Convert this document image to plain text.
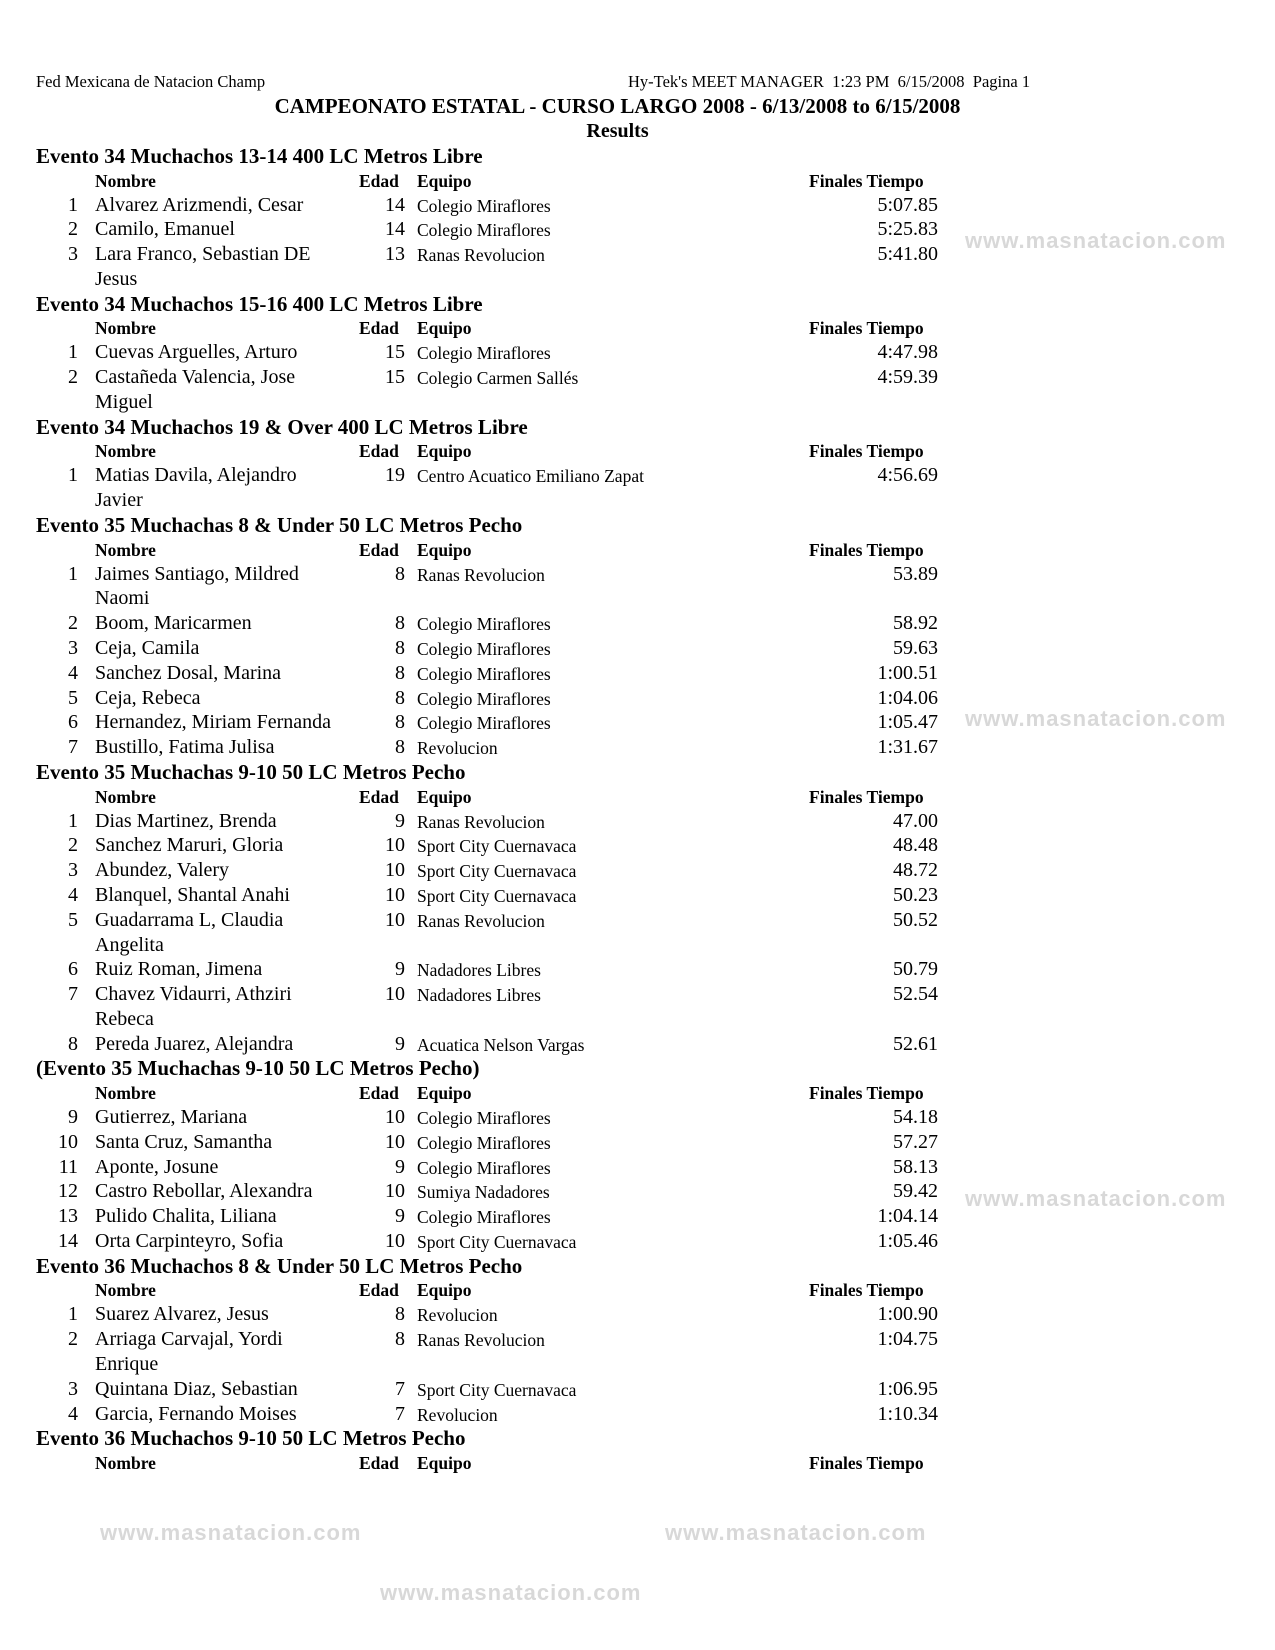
Fed Mexicana de Natacion Champ	Hy-Tek's MEET MANAGER  1:23 PM  6/15/2008  Pagina 1
CAMPEONATO ESTATAL - CURSO LARGO 2008 - 6/13/2008 to 6/15/2008
Results
Evento 34 Muchachos 13-14 400 LC Metros Libre
Nombre	Edad Equipo	Finales Tiempo
1 Alvarez Arizmendi, Cesar	14 Colegio Miraflores	5:07.85
2 Camilo, Emanuel	14 Colegio Miraflores	5:25.83
3 Lara Franco, Sebastian DE	13 Ranas Revolucion	5:41.80
Jesus
Evento 34 Muchachos 15-16 400 LC Metros Libre
Nombre	Edad Equipo	Finales Tiempo
1 Cuevas Arguelles, Arturo	15 Colegio Miraflores	4:47.98
2 Castañeda Valencia, Jose	15 Colegio Carmen Sallés	4:59.39
Miguel
Evento 34 Muchachos 19 & Over 400 LC Metros Libre
Nombre	Edad Equipo	Finales Tiempo
1 Matias Davila, Alejandro	19 Centro Acuatico Emiliano Zapat	4:56.69
Javier
Evento 35 Muchachas 8 & Under 50 LC Metros Pecho
Nombre	Edad Equipo	Finales Tiempo
1 Jaimes Santiago, Mildred	8 Ranas Revolucion	53.89
Naomi
2 Boom, Maricarmen	8 Colegio Miraflores	58.92
3 Ceja, Camila	8 Colegio Miraflores	59.63
4 Sanchez Dosal, Marina	8 Colegio Miraflores	1:00.51
5 Ceja, Rebeca	8 Colegio Miraflores	1:04.06
6 Hernandez, Miriam Fernanda	8 Colegio Miraflores	1:05.47
7 Bustillo, Fatima Julisa	8 Revolucion	1:31.67
Evento 35 Muchachas 9-10 50 LC Metros Pecho
Nombre	Edad Equipo	Finales Tiempo
1 Dias Martinez, Brenda	9 Ranas Revolucion	47.00
2 Sanchez Maruri, Gloria	10 Sport City Cuernavaca	48.48
3 Abundez, Valery	10 Sport City Cuernavaca	48.72
4 Blanquel, Shantal Anahi	10 Sport City Cuernavaca	50.23
5 Guadarrama L, Claudia	10 Ranas Revolucion	50.52
Angelita
6 Ruiz Roman, Jimena	9 Nadadores Libres	50.79
7 Chavez Vidaurri, Athziri	10 Nadadores Libres	52.54
Rebeca
8 Pereda Juarez, Alejandra	9 Acuatica Nelson Vargas	52.61
(Evento 35 Muchachas 9-10 50 LC Metros Pecho)
Nombre	Edad Equipo	Finales Tiempo
9 Gutierrez, Mariana	10 Colegio Miraflores	54.18
10 Santa Cruz, Samantha	10 Colegio Miraflores	57.27
11 Aponte, Josune	9 Colegio Miraflores	58.13
12 Castro Rebollar, Alexandra	10 Sumiya Nadadores	59.42
13 Pulido Chalita, Liliana	9 Colegio Miraflores	1:04.14
14 Orta Carpinteyro, Sofia	10 Sport City Cuernavaca	1:05.46
Evento 36 Muchachos 8 & Under 50 LC Metros Pecho
Nombre	Edad Equipo	Finales Tiempo
1 Suarez Alvarez, Jesus	8 Revolucion	1:00.90
2 Arriaga Carvajal, Yordi	8 Ranas Revolucion	1:04.75
Enrique
3 Quintana Diaz, Sebastian	7 Sport City Cuernavaca	1:06.95
4 Garcia, Fernando Moises	7 Revolucion	1:10.34
Evento 36 Muchachos 9-10 50 LC Metros Pecho
Nombre	Edad Equipo	Finales Tiempo
www.masnatacion.com
www.masnatacion.com
www.masnatacion.com
www.masnatacion.com	www.masnatacion.com
www.masnatacion.com
